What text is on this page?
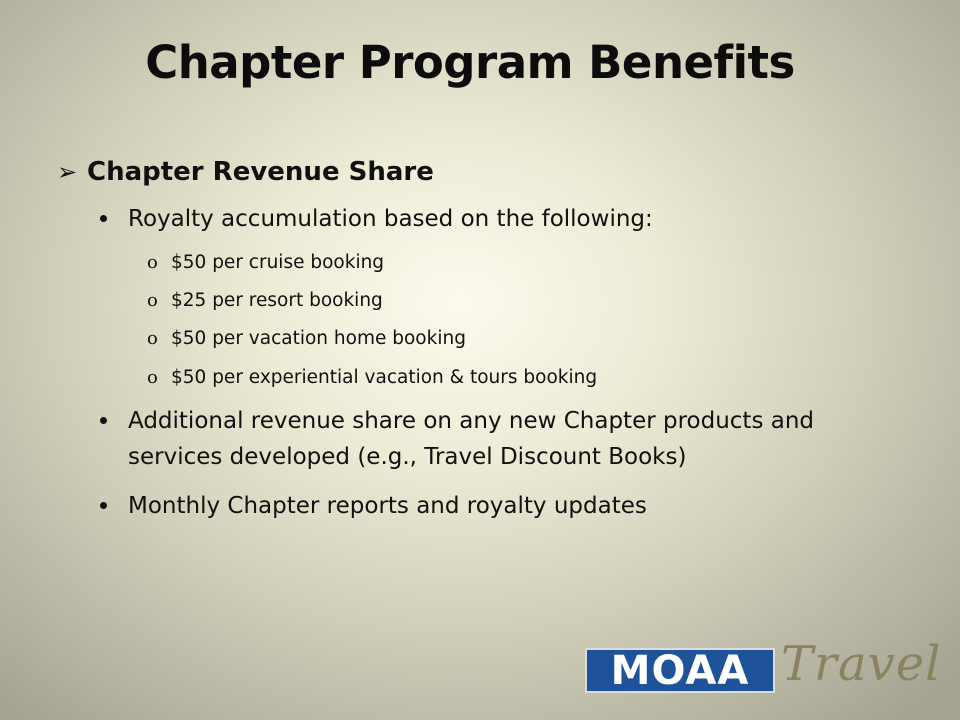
Chapter Program Benefits
➢ Chapter Revenue Share
Royalty accumulation based on the following:
o $50 per cruise booking
o $25 per resort booking
o $50 per vacation home booking
o $50 per experiential vacation & tours booking
Additional revenue share on any new Chapter products and services developed (e.g., Travel Discount Books)
Monthly Chapter reports and royalty updates
MOAA Travel
